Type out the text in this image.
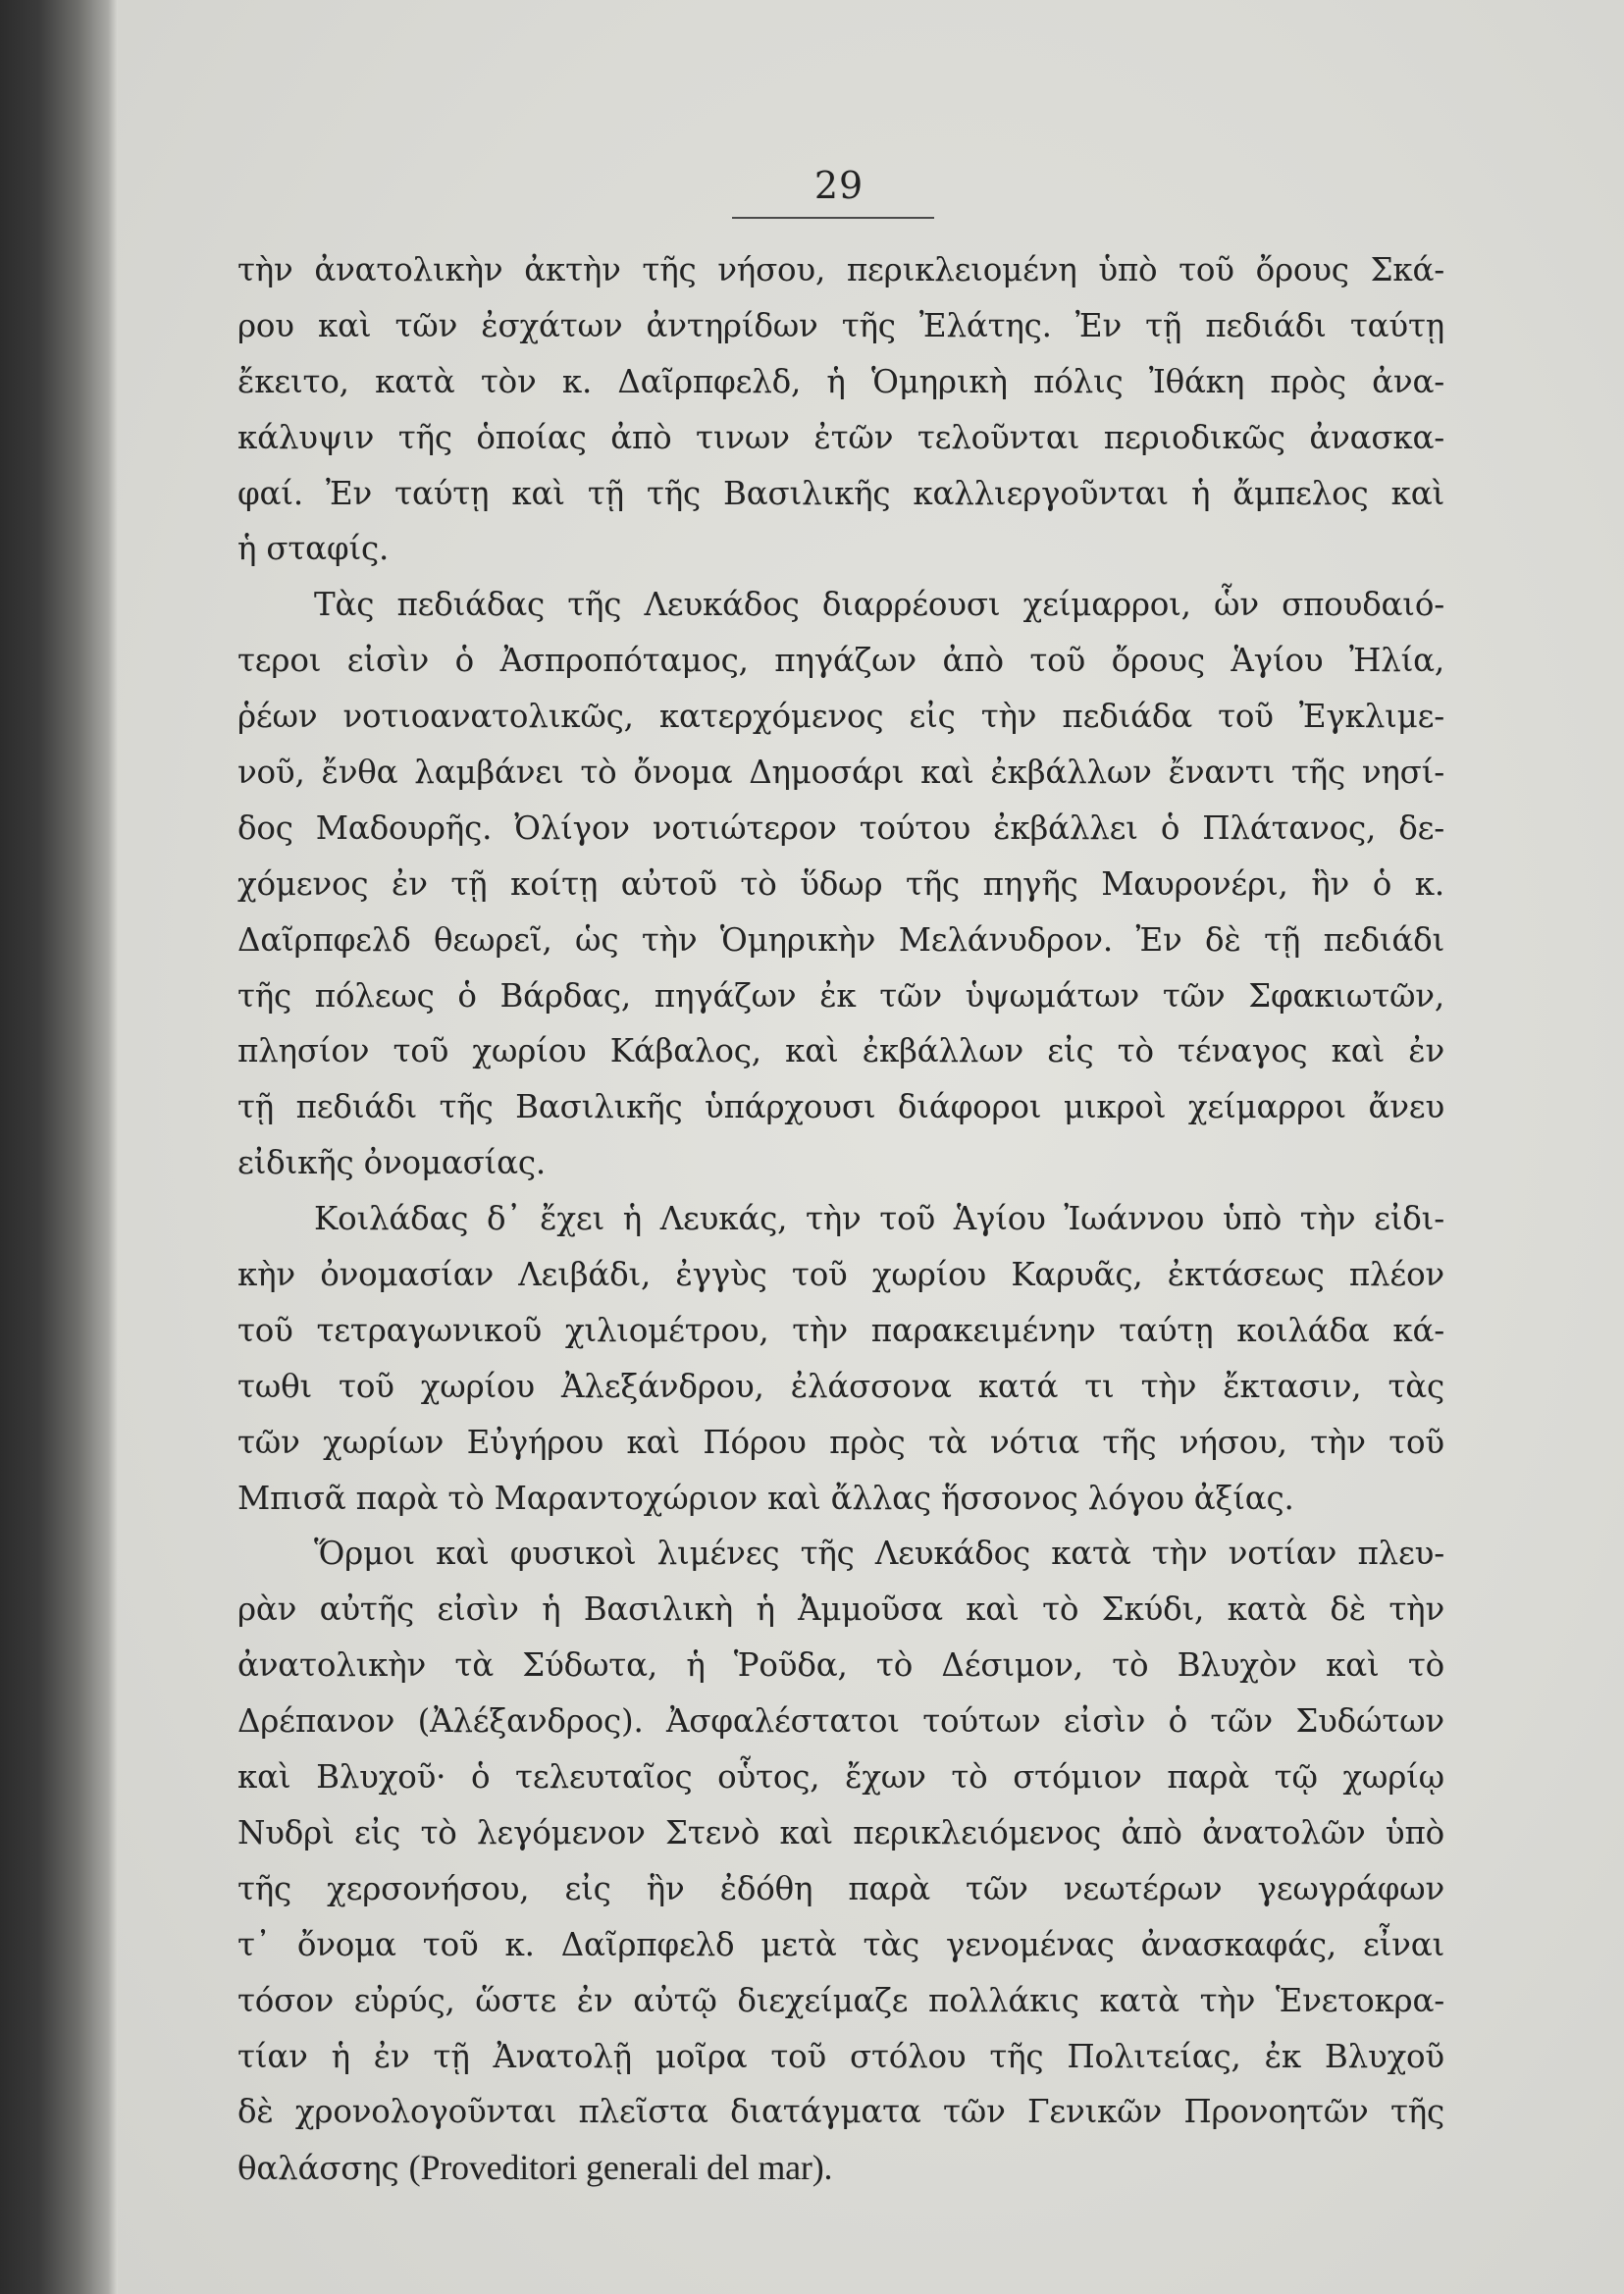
29
τὴν ἀνατολικὴν ἀκτὴν τῆς νήσου, περικλειομένη ὑπὸ τοῦ ὄρους Σκά-
ρου καὶ τῶν ἐσχάτων ἀντηρίδων τῆς Ἐλάτης. Ἐν τῇ πεδιάδι ταύτῃ
ἔκειτο, κατὰ τὸν κ. Δαῖρπφελδ, ἡ Ὁμηρικὴ πόλις Ἰθάκη πρὸς ἀνα-
κάλυψιν τῆς ὁποίας ἀπὸ τινων ἐτῶν τελοῦνται περιοδικῶς ἀνασκα-
φαί. Ἐν ταύτῃ καὶ τῇ τῆς Βασιλικῆς καλλιεργοῦνται ἡ ἄμπελος καὶ
ἡ σταφίς.
Τὰς πεδιάδας τῆς Λευκάδος διαρρέουσι χείμαρροι, ὧν σπουδαιό-
τεροι εἰσὶν ὁ Ἀσπροπόταμος, πηγάζων ἀπὸ τοῦ ὄρους Ἁγίου Ἠλία,
ῥέων νοτιοανατολικῶς, κατερχόμενος εἰς τὴν πεδιάδα τοῦ Ἐγκλιμε-
νοῦ, ἔνθα λαμβάνει τὸ ὄνομα Δημοσάρι καὶ ἐκβάλλων ἔναντι τῆς νησί-
δος Μαδουρῆς. Ὀλίγον νοτιώτερον τούτου ἐκβάλλει ὁ Πλάτανος, δε-
χόμενος ἐν τῇ κοίτῃ αὐτοῦ τὸ ὕδωρ τῆς πηγῆς Μαυρονέρι, ἣν ὁ κ.
Δαῖρπφελδ θεωρεῖ, ὡς τὴν Ὁμηρικὴν Μελάνυδρον. Ἐν δὲ τῇ πεδιάδι
τῆς πόλεως ὁ Βάρδας, πηγάζων ἐκ τῶν ὑψωμάτων τῶν Σφακιωτῶν,
πλησίον τοῦ χωρίου Κάβαλος, καὶ ἐκβάλλων εἰς τὸ τέναγος καὶ ἐν
τῇ πεδιάδι τῆς Βασιλικῆς ὑπάρχουσι διάφοροι μικροὶ χείμαρροι ἄνευ
εἰδικῆς ὀνομασίας.
Κοιλάδας δ᾽ ἔχει ἡ Λευκάς, τὴν τοῦ Ἁγίου Ἰωάννου ὑπὸ τὴν εἰδι-
κὴν ὀνομασίαν Λειβάδι, ἐγγὺς τοῦ χωρίου Καρυᾶς, ἐκτάσεως πλέον
τοῦ τετραγωνικοῦ χιλιομέτρου, τὴν παρακειμένην ταύτῃ κοιλάδα κά-
τωθι τοῦ χωρίου Ἀλεξάνδρου, ἐλάσσονα κατά τι τὴν ἔκτασιν, τὰς
τῶν χωρίων Εὐγήρου καὶ Πόρου πρὸς τὰ νότια τῆς νήσου, τὴν τοῦ
Μπισᾶ παρὰ τὸ Μαραντοχώριον καὶ ἄλλας ἥσσονος λόγου ἀξίας.
Ὅρμοι καὶ φυσικοὶ λιμένες τῆς Λευκάδος κατὰ τὴν νοτίαν πλευ-
ρὰν αὐτῆς εἰσὶν ἡ Βασιλικὴ ἡ Ἀμμοῦσα καὶ τὸ Σκύδι, κατὰ δὲ τὴν
ἀνατολικὴν τὰ Σύδωτα, ἡ Ῥοῦδα, τὸ Δέσιμον, τὸ Βλυχὸν καὶ τὸ
Δρέπανον (Ἀλέξανδρος). Ἀσφαλέστατοι τούτων εἰσὶν ὁ τῶν Συδώτων
καὶ Βλυχοῦ· ὁ τελευταῖος οὗτος, ἔχων τὸ στόμιον παρὰ τῷ χωρίῳ
Νυδρὶ εἰς τὸ λεγόμενον Στενὸ καὶ περικλειόμενος ἀπὸ ἀνατολῶν ὑπὸ
τῆς χερσονήσου, εἰς ἣν ἐδόθη παρὰ τῶν νεωτέρων γεωγράφων
τ᾽ ὄνομα τοῦ κ. Δαῖρπφελδ μετὰ τὰς γενομένας ἀνασκαφάς, εἶναι
τόσον εὐρύς, ὥστε ἐν αὐτῷ διεχείμαζε πολλάκις κατὰ τὴν Ἑνετοκρα-
τίαν ἡ ἐν τῇ Ἀνατολῇ μοῖρα τοῦ στόλου τῆς Πολιτείας, ἐκ Βλυχοῦ
δὲ χρονολογοῦνται πλεῖστα διατάγματα τῶν Γενικῶν Προνοητῶν τῆς
θαλάσσης (Proveditori generali del mar).
